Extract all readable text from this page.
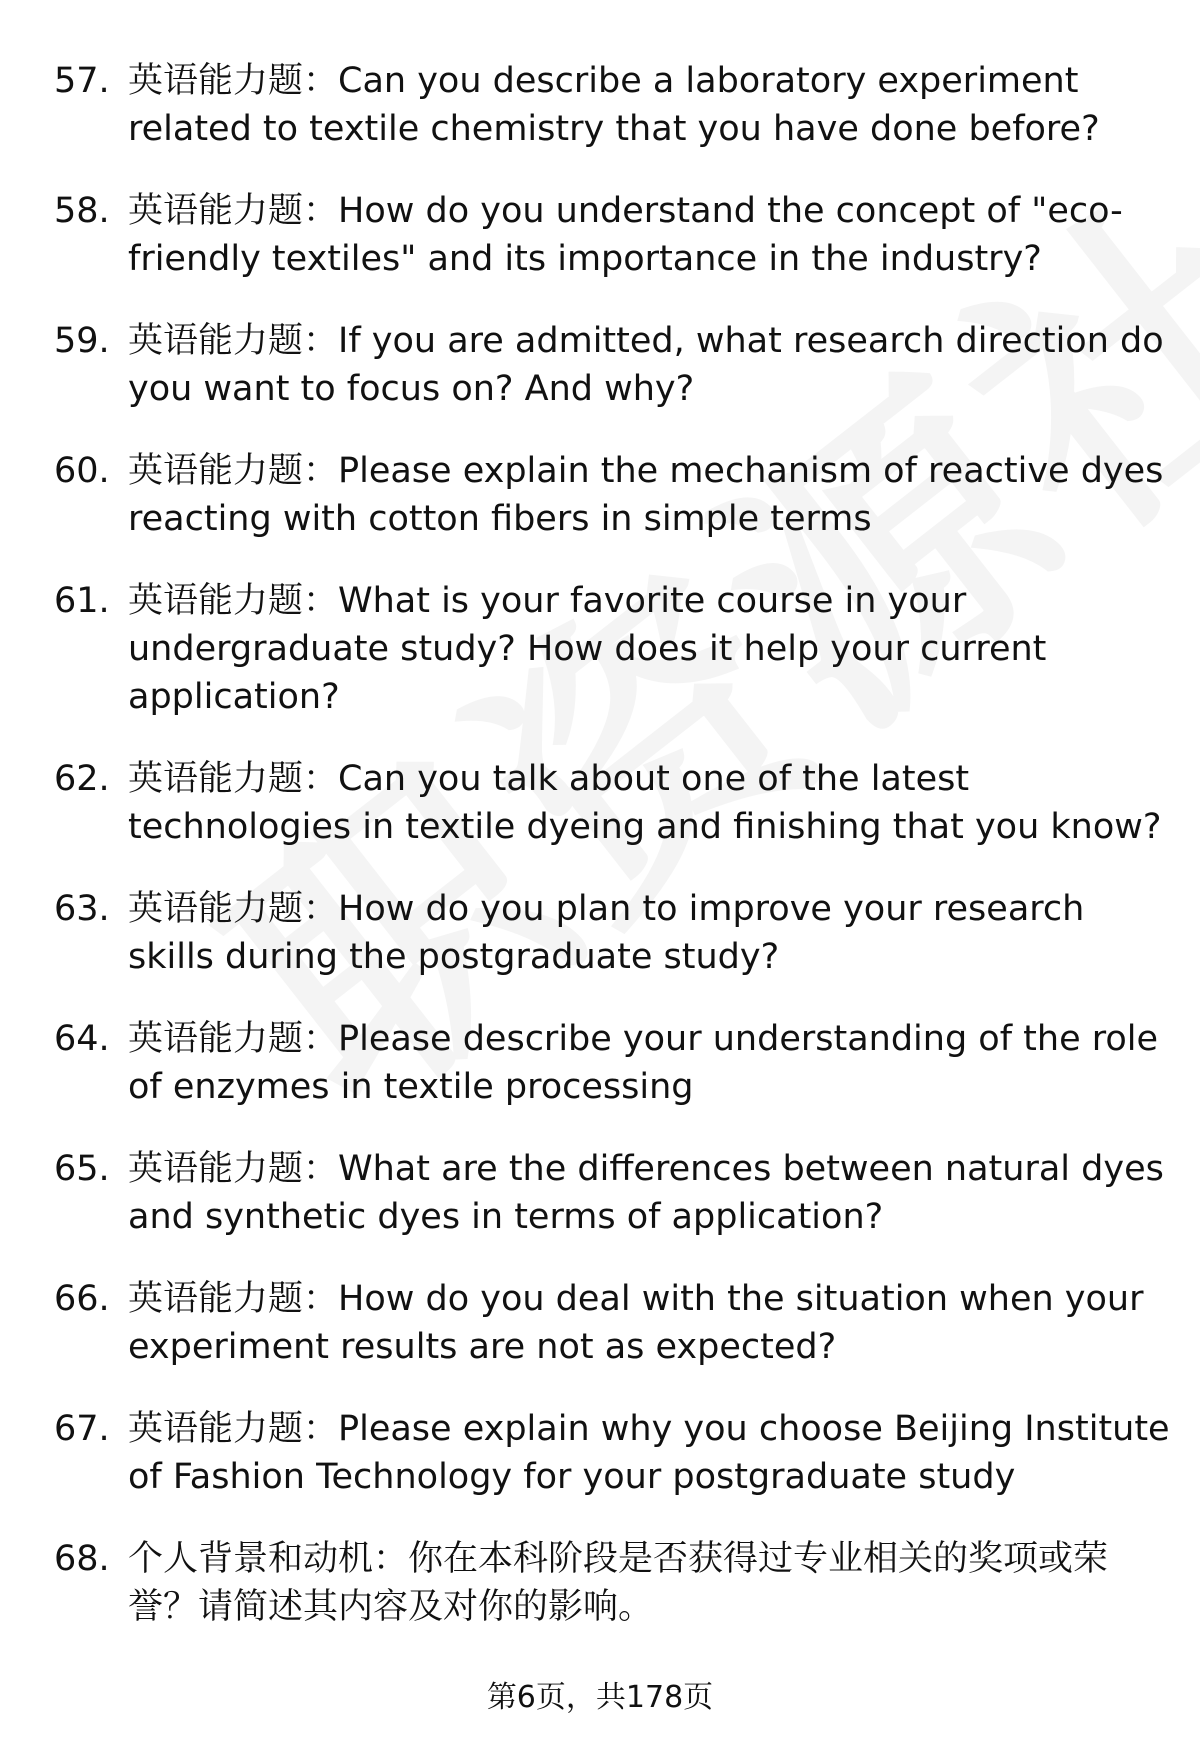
57. 英语能力题：Can you describe a laboratory experiment related to textile chemistry that you have done before?
58. 英语能力题：How do you understand the concept of "eco-friendly textiles" and its importance in the industry?
59. 英语能力题：If you are admitted, what research direction do you want to focus on? And why?
60. 英语能力题：Please explain the mechanism of reactive dyes reacting with cotton fibers in simple terms
61. 英语能力题：What is your favorite course in your undergraduate study? How does it help your current application?
62. 英语能力题：Can you talk about one of the latest technologies in textile dyeing and finishing that you know?
63. 英语能力题：How do you plan to improve your research skills during the postgraduate study?
64. 英语能力题：Please describe your understanding of the role of enzymes in textile processing
65. 英语能力题：What are the differences between natural dyes and synthetic dyes in terms of application?
66. 英语能力题：How do you deal with the situation when your experiment results are not as expected?
67. 英语能力题：Please explain why you choose Beijing Institute of Fashion Technology for your postgraduate study
68. 个人背景和动机：你在本科阶段是否获得过专业相关的奖项或荣誉？请简述其内容及对你的影响。
第6页，共178页
